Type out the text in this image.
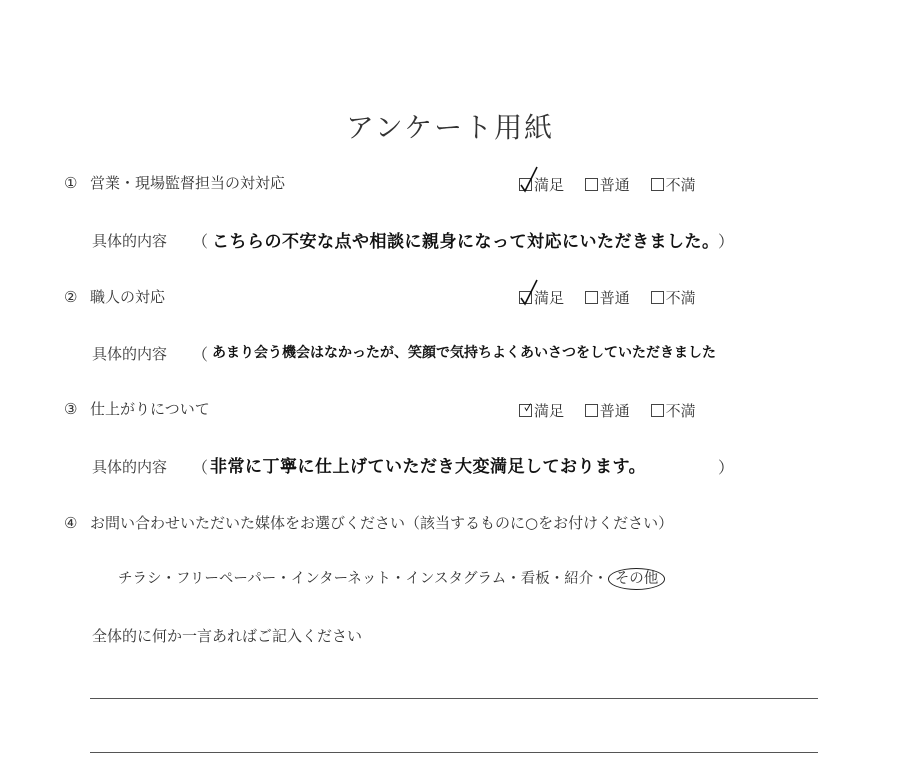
アンケート用紙
① 営業・現場監督担当の対対応	満足 普通 不満
具体的内容 （ こちらの不安な点や相談に親身になって対応にいただきました。
）
② 職人の対応	満足 普通 不満
具体的内容 （ あまり会う機会はなかったが、笑顔で気持ちよくあいさつをしていただきました
③ 仕上がりについて	満足 普通 不満
具体的内容 （ 非常に丁寧に仕上げていただき大変満足しております。	）
④ お問い合わせいただいた媒体をお選びください（該当するものに○をお付けください）
チラシ・フリーペーパー・インターネット・インスタグラム・看板・紹介・ その他
全体的に何か一言あればご記入ください
